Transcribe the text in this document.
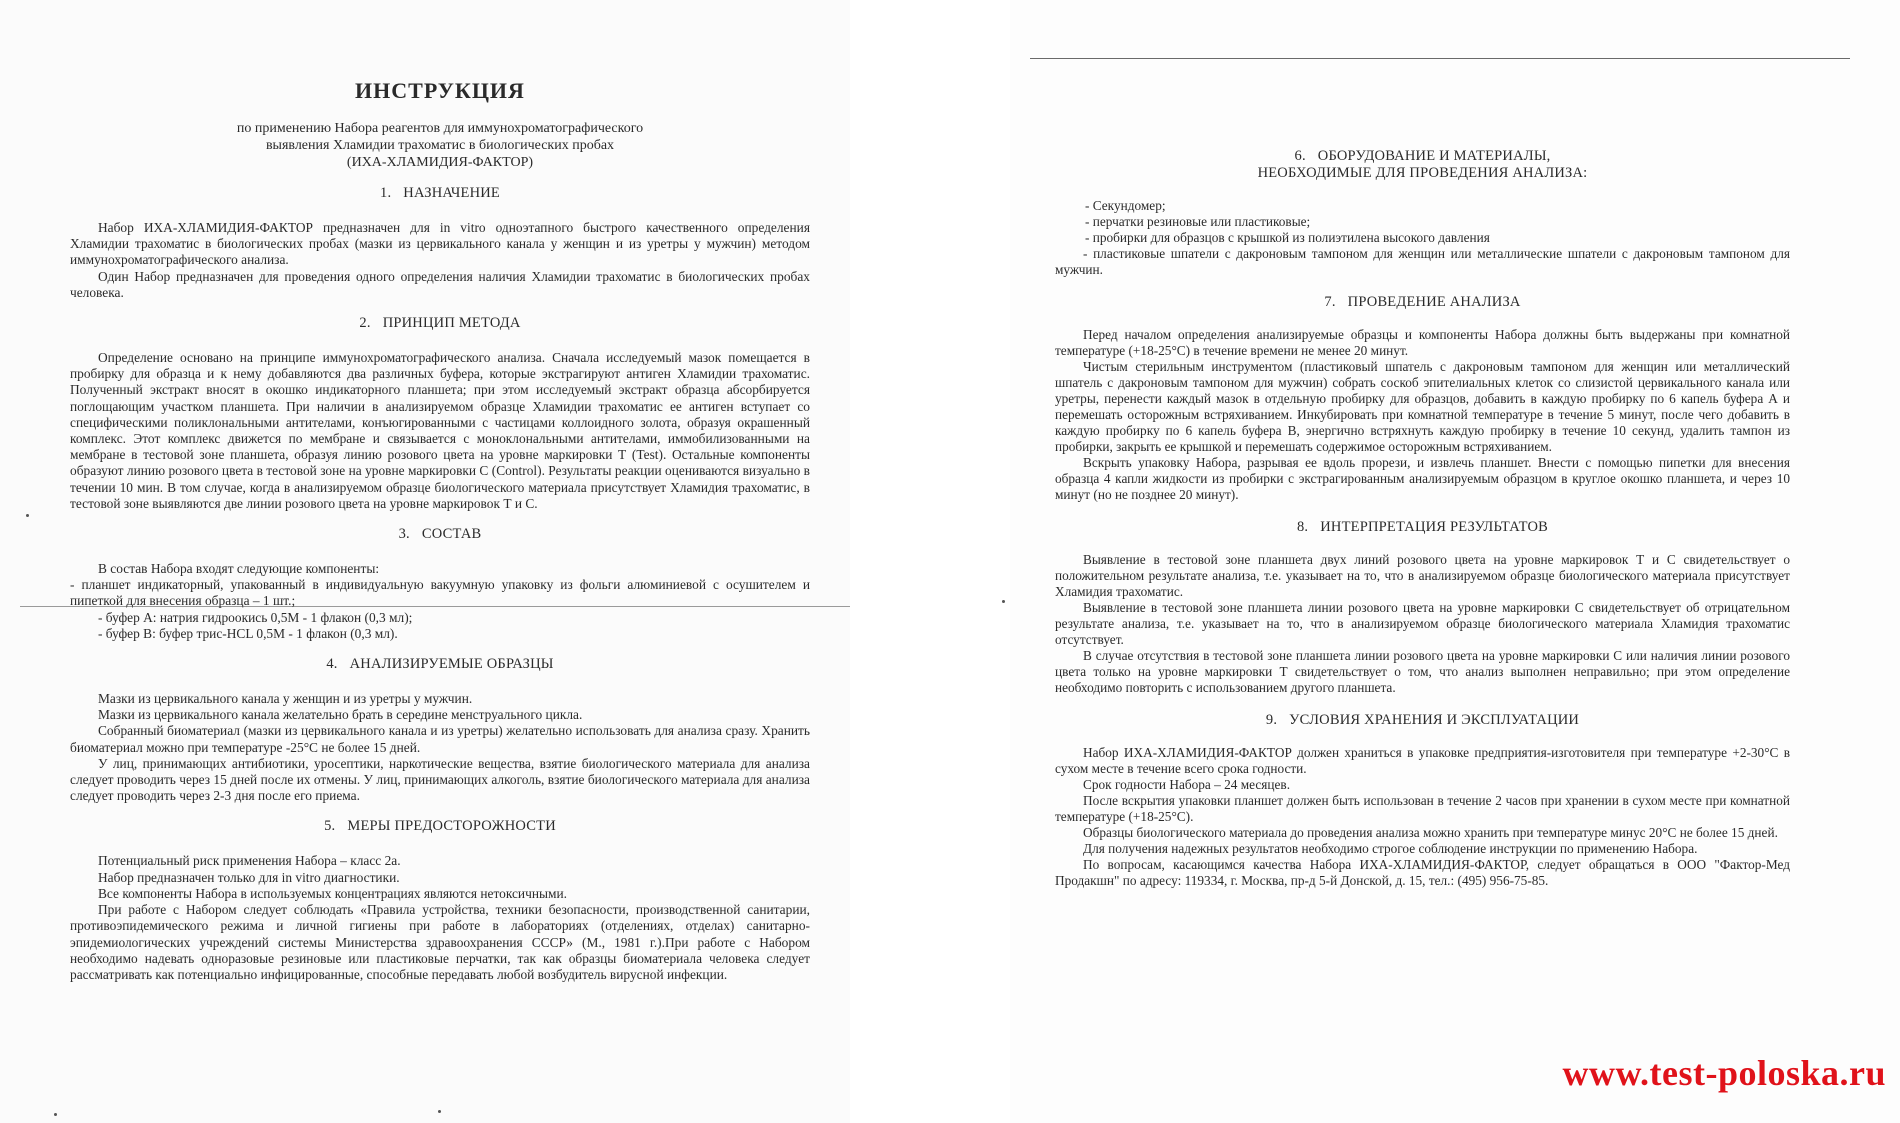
ИНСТРУКЦИЯ
по применению Набора реагентов для иммунохроматографического
выявления Хламидии трахоматис в биологических пробах
(ИХА-ХЛАМИДИЯ-ФАКТОР)
1. НАЗНАЧЕНИЕ

Набор ИХА-ХЛАМИДИЯ-ФАКТОР предназначен для in vitro одноэтапного быстрого качественного определения Хламидии трахоматис в биологических пробах (мазки из цервикального канала у женщин и из уретры у мужчин) методом иммунохроматографического анализа.

Один Набор предназначен для проведения одного определения наличия Хламидии трахоматис в биологических пробах человека.

2. ПРИНЦИП МЕТОДА

Определение основано на принципе иммунохроматографического анализа. Сначала исследуемый мазок помещается в пробирку для образца и к нему добавляются два различных буфера, которые экстрагируют антиген Хламидии трахоматис. Полученный экстракт вносят в окошко индикаторного планшета; при этом исследуемый экстракт образца абсорбируется поглощающим участком планшета. При наличии в анализируемом образце Хламидии трахоматис ее антиген вступает со специфическими поликлональными антителами, конъюгированными с частицами коллоидного золота, образуя окрашенный комплекс. Этот комплекс движется по мембране и связывается с моноклональными антителами, иммобилизованными на мембране в тестовой зоне планшета, образуя линию розового цвета на уровне маркировки Т (Test). Остальные компоненты образуют линию розового цвета в тестовой зоне на уровне маркировки С (Control). Результаты реакции оцениваются визуально в течении 10 мин. В том случае, когда в анализируемом образце биологического материала присутствует Хламидия трахоматис, в тестовой зоне выявляются две линии розового цвета на уровне маркировок Т и С.

3. СОСТАВ

В состав Набора входят следующие компоненты:

- планшет индикаторный, упакованный в индивидуальную вакуумную упаковку из фольги алюминиевой с осушителем и пипеткой для внесения образца – 1 шт.;

- буфер А: натрия гидроокись 0,5М - 1 флакон (0,3 мл);

- буфер В: буфер трис-HCL 0,5М - 1 флакон (0,3 мл).

4. АНАЛИЗИРУЕМЫЕ ОБРАЗЦЫ

Мазки из цервикального канала у женщин и из уретры у мужчин.

Мазки из цервикального канала желательно брать в середине менструального цикла.

Собранный биоматериал (мазки из цервикального канала и из уретры) желательно использовать для анализа сразу. Хранить биоматериал можно при температуре -25°С не более 15 дней.

У лиц, принимающих антибиотики, уросептики, наркотические вещества, взятие биологического материала для анализа следует проводить через 15 дней после их отмены. У лиц, принимающих алкоголь, взятие биологического материала для анализа следует проводить через 2-3 дня после его приема.

5. МЕРЫ ПРЕДОСТОРОЖНОСТИ

Потенциальный риск применения Набора – класс 2а.

Набор предназначен только для in vitro диагностики.

Все компоненты Набора в используемых концентрациях являются нетоксичными.

При работе с Набором следует соблюдать «Правила устройства, техники безопасности, производственной санитарии, противоэпидемического режима и личной гигиены при работе в лабораториях (отделениях, отделах) санитарно-эпидемиологических учреждений системы Министерства здравоохранения СССР» (М., 1981 г.).При работе с Набором необходимо надевать одноразовые резиновые или пластиковые перчатки, так как образцы биоматериала человека следует рассматривать как потенциально инфицированные, способные передавать любой возбудитель вирусной инфекции.

6. ОБОРУДОВАНИЕ И МАТЕРИАЛЫ,
НЕОБХОДИМЫЕ ДЛЯ ПРОВЕДЕНИЯ АНАЛИЗА:

- Секундомер;

- перчатки резиновые или пластиковые;

- пробирки для образцов с крышкой из полиэтилена высокого давления

- пластиковые шпатели с дакроновым тампоном для женщин или металлические шпатели с дакроновым тампоном для мужчин.

7. ПРОВЕДЕНИЕ АНАЛИЗА

Перед началом определения анализируемые образцы и компоненты Набора должны быть выдержаны при комнатной температуре (+18-25°С) в течение времени не менее 20 минут.

Чистым стерильным инструментом (пластиковый шпатель с дакроновым тампоном для женщин или металлический шпатель с дакроновым тампоном для мужчин) собрать соскоб эпителиальных клеток со слизистой цервикального канала или уретры, перенести каждый мазок в отдельную пробирку для образцов, добавить в каждую пробирку по 6 капель буфера А и перемешать осторожным встряхиванием. Инкубировать при комнатной температуре в течение 5 минут, после чего добавить в каждую пробирку по 6 капель буфера В, энергично встряхнуть каждую пробирку в течение 10 секунд, удалить тампон из пробирки, закрыть ее крышкой и перемешать содержимое осторожным встряхиванием.

Вскрыть упаковку Набора, разрывая ее вдоль прорези, и извлечь планшет. Внести с помощью пипетки для внесения образца 4 капли жидкости из пробирки с экстрагированным анализируемым образцом в круглое окошко планшета, и через 10 минут (но не позднее 20 минут).

8. ИНТЕРПРЕТАЦИЯ РЕЗУЛЬТАТОВ

Выявление в тестовой зоне планшета двух линий розового цвета на уровне маркировок Т и С свидетельствует о положительном результате анализа, т.е. указывает на то, что в анализируемом образце биологического материала присутствует Хламидия трахоматис.

Выявление в тестовой зоне планшета линии розового цвета на уровне маркировки С свидетельствует об отрицательном результате анализа, т.е. указывает на то, что в анализируемом образце биологического материала Хламидия трахоматис отсутствует.

В случае отсутствия в тестовой зоне планшета линии розового цвета на уровне маркировки С или наличия линии розового цвета только на уровне маркировки Т свидетельствует о том, что анализ выполнен неправильно; при этом определение необходимо повторить с использованием другого планшета.

9. УСЛОВИЯ ХРАНЕНИЯ И ЭКСПЛУАТАЦИИ

Набор ИХА-ХЛАМИДИЯ-ФАКТОР должен храниться в упаковке предприятия-изготовителя при температуре +2-30°С в сухом месте в течение всего срока годности.

Срок годности Набора – 24 месяцев.

После вскрытия упаковки планшет должен быть использован в течение 2 часов при хранении в сухом месте при комнатной температуре (+18-25°С).

Образцы биологического материала до проведения анализа можно хранить при температуре минус 20°С не более 15 дней.

Для получения надежных результатов необходимо строгое соблюдение инструкции по применению Набора.

По вопросам, касающимся качества Набора ИХА-ХЛАМИДИЯ-ФАКТОР, следует обращаться в ООО "Фактор-Мед Продакшн" по адресу: 119334, г. Москва, пр-д 5-й Донской, д. 15, тел.: (495) 956-75-85.

www.test-poloska.ru
